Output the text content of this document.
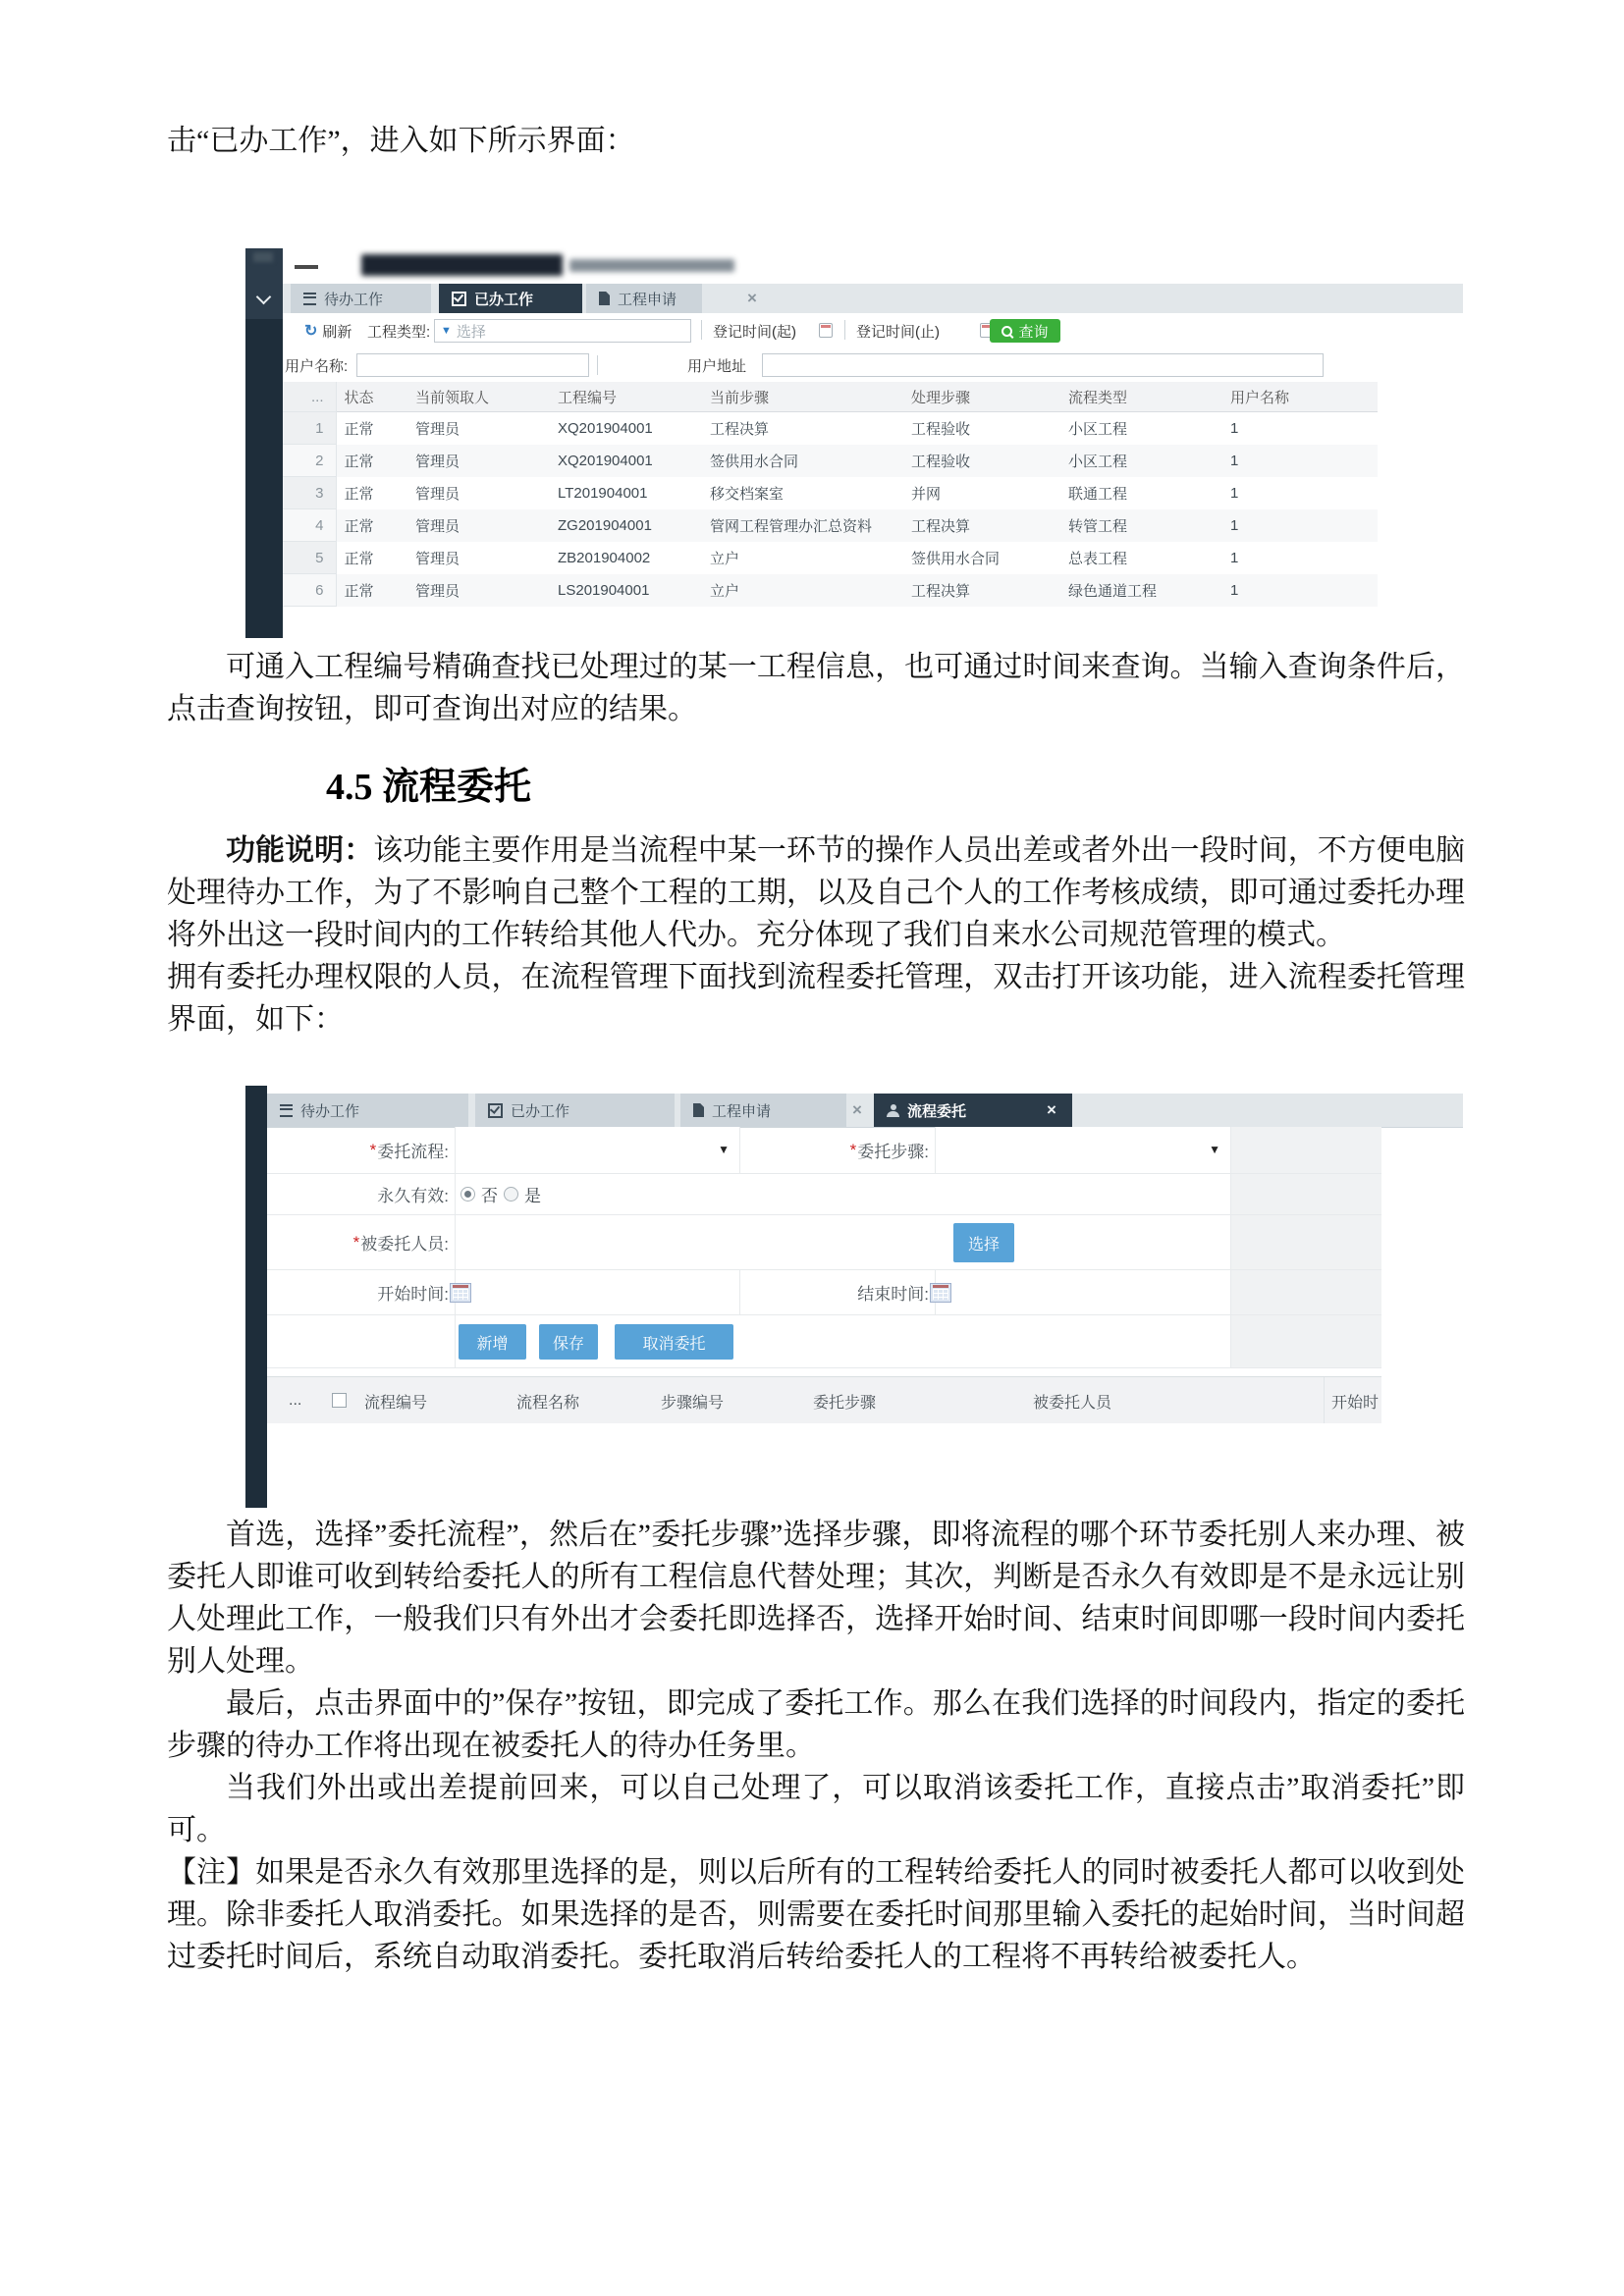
击“已办工作”，进入如下所示界面：

待办工作	已办工作	工程申请	×
↻ 刷新 工程类型: ▼ 选择	登记时间(起)
	登记时间(止)	查询
用户名称:	用户地址
...	状态	当前领取人	工程编号	当前步骤	处理步骤	流程类型	用户名称
1	正常	管理员	XQ201904001	工程决算	工程验收	小区工程	1
2	正常	管理员	XQ201904001	签供用水合同	工程验收	小区工程	1
3	正常	管理员	LT201904001	移交档案室	并网	联通工程	1
4	正常	管理员	ZG201904001	管网工程管理办汇总资料	工程决算	转管工程	1
5	正常	管理员	ZB201904002	立户	签供用水合同	总表工程	1
6	正常	管理员	LS201904001	立户	工程决算	绿色通道工程	1

可通入工程编号精确查找已处理过的某一工程信息，也可通过时间来查询。当输入查询条件后，点击查询按钮，即可查询出对应的结果。

4.5 流程委托

功能说明：该功能主要作用是当流程中某一环节的操作人员出差或者外出一段时间，不方便电脑处理待办工作，为了不影响自己整个工程的工期，以及自己个人的工作考核成绩，即可通过委托办理将外出这一段时间内的工作转给其他人代办。充分体现了我们自来水公司规范管理的模式。

拥有委托办理权限的人员，在流程管理下面找到流程委托管理，双击打开该功能，进入流程委托管理界面，如下：

待办工作	已办工作	工程申请	×	流程委托	×
* 委托流程:	▼	* 委托步骤:	▼
永久有效: 否 是
* 被委托人员:	选择
开始时间:	结束时间:
新增	保存	取消委托
...	流程编号	流程名称	步骤编号	委托步骤	被委托人员	开始时

首选，选择”委托流程”，然后在”委托步骤”选择步骤，即将流程的哪个环节委托别人来办理、被委托人即谁可收到转给委托人的所有工程信息代替处理；其次，判断是否永久有效即是不是永远让别人处理此工作，一般我们只有外出才会委托即选择否，选择开始时间、结束时间即哪一段时间内委托别人处理。

最后，点击界面中的”保存”按钮，即完成了委托工作。那么在我们选择的时间段内，指定的委托步骤的待办工作将出现在被委托人的待办任务里。

当我们外出或出差提前回来，可以自己处理了，可以取消该委托工作，直接点击”取消委托”即可。

【注】如果是否永久有效那里选择的是，则以后所有的工程转给委托人的同时被委托人都可以收到处理。除非委托人取消委托。如果选择的是否，则需要在委托时间那里输入委托的起始时间，当时间超过委托时间后，系统自动取消委托。委托取消后转给委托人的工程将不再转给被委托人。
